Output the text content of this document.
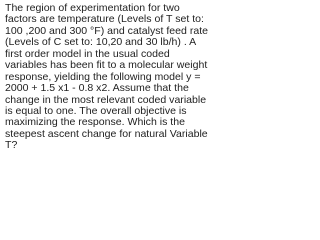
The region of experimentation for two
factors are temperature (Levels of T set to:
100 ,200 and 300 °F) and catalyst feed rate
(Levels of C set to: 10,20 and 30 lb/h) . A
first order model in the usual coded
variables has been fit to a molecular weight
response, yielding the following model y =
2000 + 1.5 x1 - 0.8 x2. Assume that the
change in the most relevant coded variable
is equal to one. The overall objective is
maximizing the response. Which is the
steepest ascent change for natural Variable
T?
